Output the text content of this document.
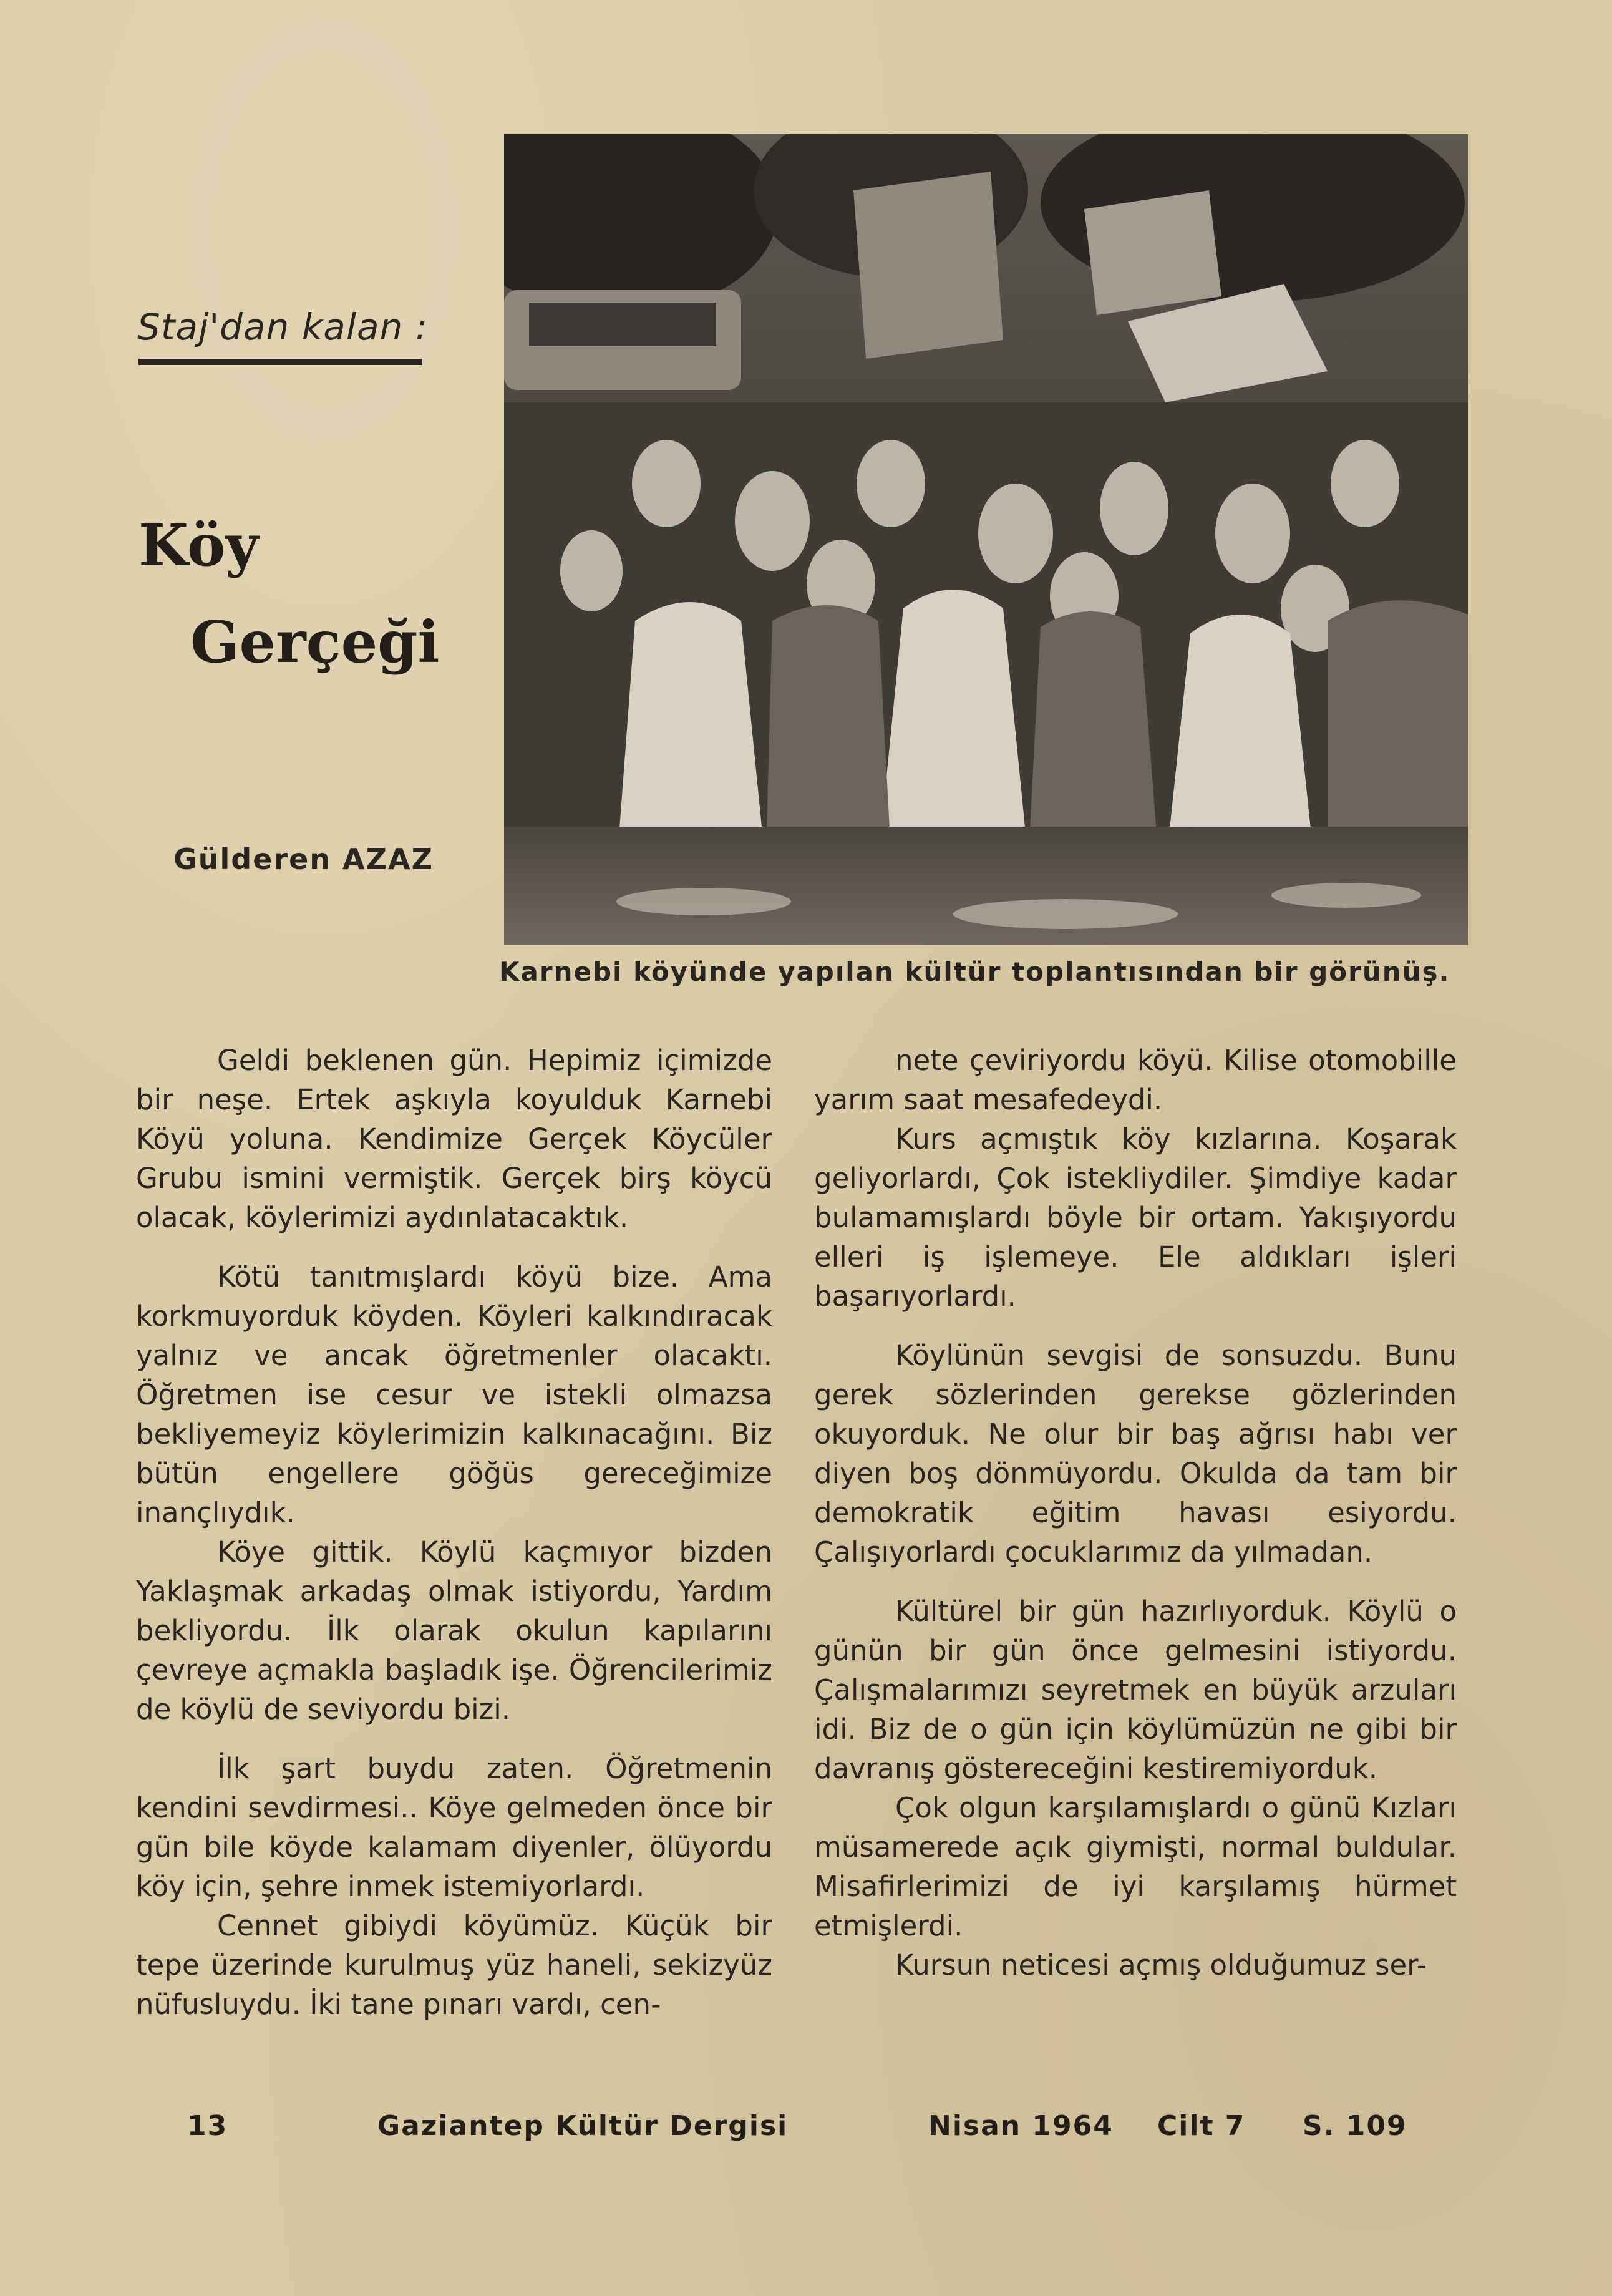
Staj'dan kalan :
Köy
Gerçeği
Gülderen AZAZ
Karnebi köyünde yapılan kültür toplantısından bir görünüş.

Geldi beklenen gün. Hepimiz içimizde bir neşe. Ertek aşkıyla koyulduk Karnebi Köyü yoluna. Kendimize Gerçek Köycüler Grubu ismini vermiştik. Gerçek birş köycü olacak, köylerimizi aydınlatacaktık.

Kötü tanıtmışlardı köyü bize. Ama korkmuyorduk köyden. Köyleri kalkındıracak yalnız ve ancak öğretmenler olacaktı. Öğretmen ise cesur ve istekli olmazsa bekliyemeyiz köylerimizin kalkınacağını. Biz bütün engellere göğüs gereceğimize inançlıydık.

Köye gittik. Köylü kaçmıyor bizden Yaklaşmak arkadaş olmak istiyordu, Yardım bekliyordu. İlk olarak okulun kapılarını çevreye açmakla başladık işe. Öğrencilerimiz de köylü de seviyordu bizi.

İlk şart buydu zaten. Öğretmenin kendini sevdirmesi.. Köye gelmeden önce bir gün bile köyde kalamam diyenler, ölüyordu köy için, şehre inmek istemiyorlardı.

Cennet gibiydi köyümüz. Küçük bir tepe üzerinde kurulmuş yüz haneli, sekizyüz nüfusluydu. İki tane pınarı vardı, cen-

nete çeviriyordu köyü. Kilise otomobille yarım saat mesafedeydi.

Kurs açmıştık köy kızlarına. Koşarak geliyorlardı, Çok istekliydiler. Şimdiye kadar bulamamışlardı böyle bir ortam. Yakışıyordu elleri iş işlemeye. Ele aldıkları işleri başarıyorlardı.

Köylünün sevgisi de sonsuzdu. Bunu gerek sözlerinden gerekse gözlerinden okuyorduk. Ne olur bir baş ağrısı habı ver diyen boş dönmüyordu. Okulda da tam bir demokratik eğitim havası esiyordu. Çalışıyorlardı çocuklarımız da yılmadan.

Kültürel bir gün hazırlıyorduk. Köylü o günün bir gün önce gelmesini istiyordu. Çalışmalarımızı seyretmek en büyük arzuları idi. Biz de o gün için köylümüzün ne gibi bir davranış göstereceğini kestiremiyorduk.

Çok olgun karşılamışlardı o günü Kızları müsamerede açık giymişti, normal buldular. Misafirlerimizi de iyi karşılamış hürmet etmişlerdi.

Kursun neticesi açmış olduğumuz ser-

13	Gaziantep Kültür Dergisi	Nisan 1964 Cilt 7 S. 109
